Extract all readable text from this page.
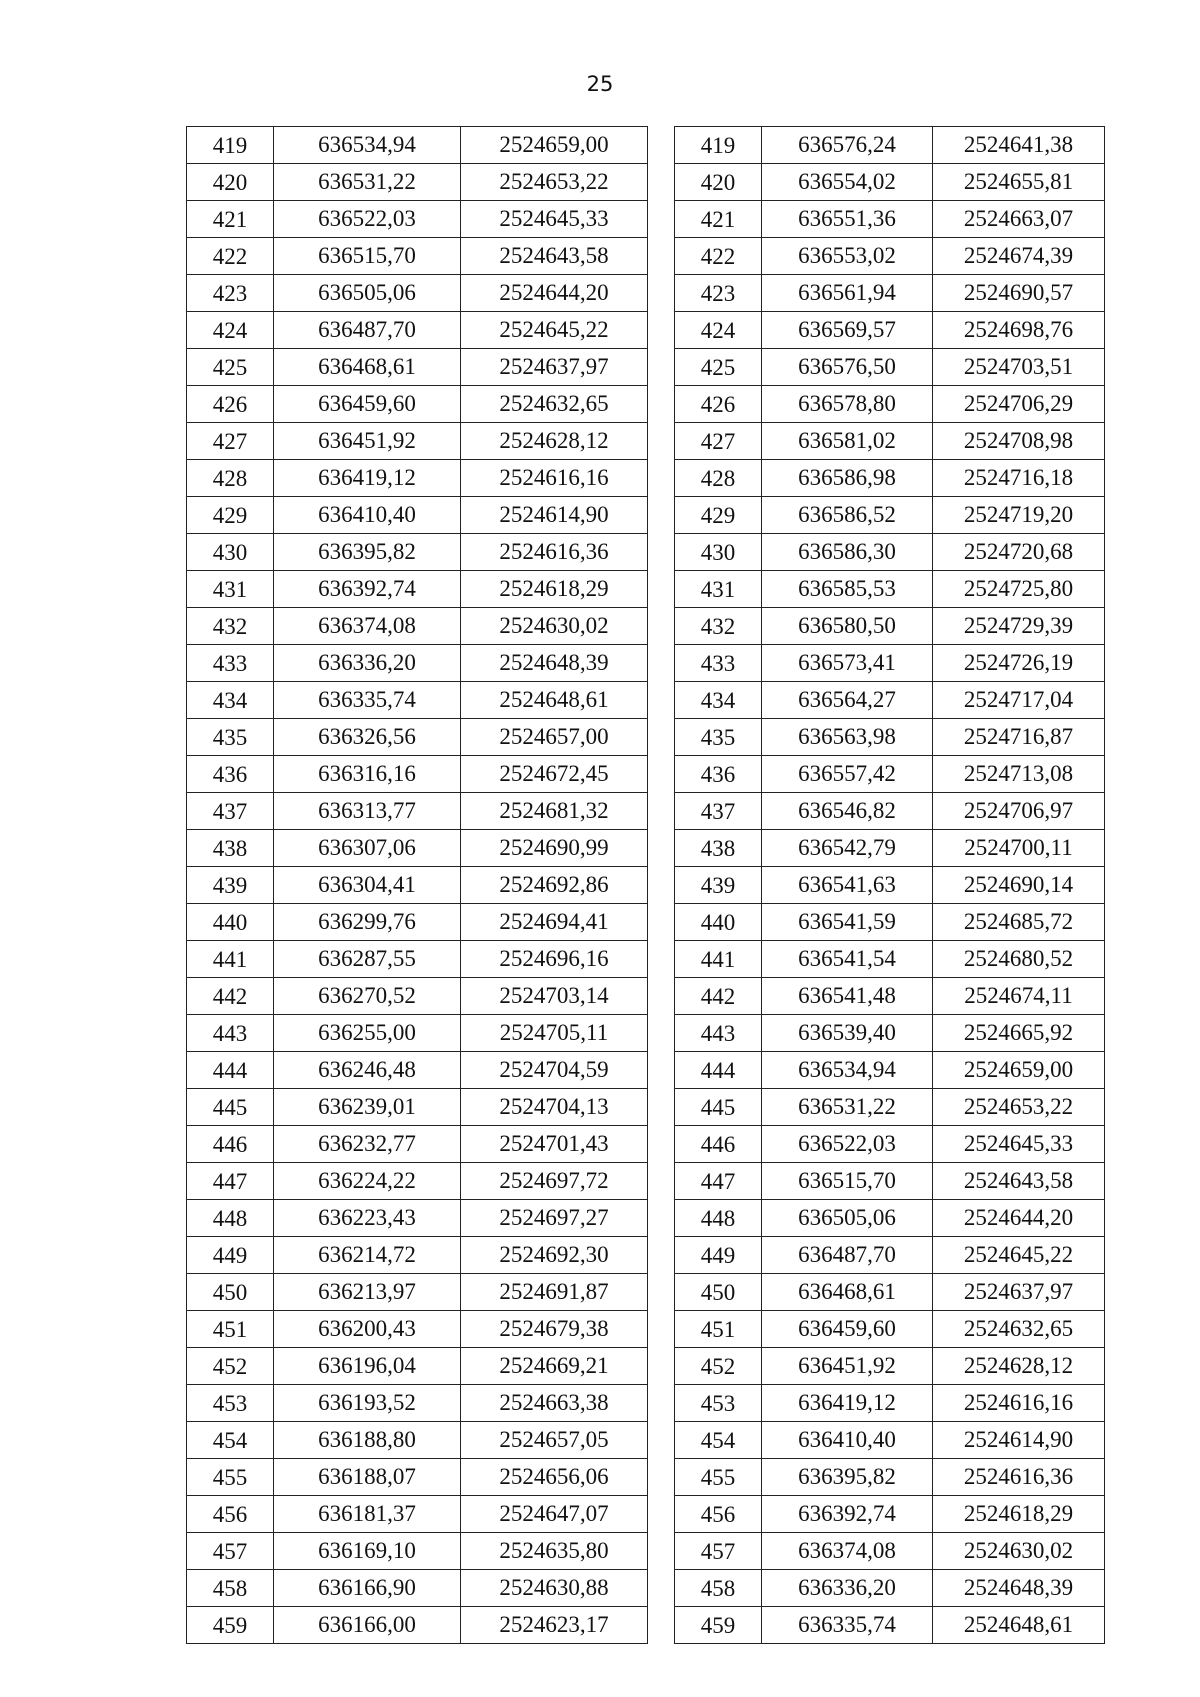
25
419	636534,94	2524659,00
420	636531,22	2524653,22
421	636522,03	2524645,33
422	636515,70	2524643,58
423	636505,06	2524644,20
424	636487,70	2524645,22
425	636468,61	2524637,97
426	636459,60	2524632,65
427	636451,92	2524628,12
428	636419,12	2524616,16
429	636410,40	2524614,90
430	636395,82	2524616,36
431	636392,74	2524618,29
432	636374,08	2524630,02
433	636336,20	2524648,39
434	636335,74	2524648,61
435	636326,56	2524657,00
436	636316,16	2524672,45
437	636313,77	2524681,32
438	636307,06	2524690,99
439	636304,41	2524692,86
440	636299,76	2524694,41
441	636287,55	2524696,16
442	636270,52	2524703,14
443	636255,00	2524705,11
444	636246,48	2524704,59
445	636239,01	2524704,13
446	636232,77	2524701,43
447	636224,22	2524697,72
448	636223,43	2524697,27
449	636214,72	2524692,30
450	636213,97	2524691,87
451	636200,43	2524679,38
452	636196,04	2524669,21
453	636193,52	2524663,38
454	636188,80	2524657,05
455	636188,07	2524656,06
456	636181,37	2524647,07
457	636169,10	2524635,80
458	636166,90	2524630,88
459	636166,00	2524623,17
419	636576,24	2524641,38
420	636554,02	2524655,81
421	636551,36	2524663,07
422	636553,02	2524674,39
423	636561,94	2524690,57
424	636569,57	2524698,76
425	636576,50	2524703,51
426	636578,80	2524706,29
427	636581,02	2524708,98
428	636586,98	2524716,18
429	636586,52	2524719,20
430	636586,30	2524720,68
431	636585,53	2524725,80
432	636580,50	2524729,39
433	636573,41	2524726,19
434	636564,27	2524717,04
435	636563,98	2524716,87
436	636557,42	2524713,08
437	636546,82	2524706,97
438	636542,79	2524700,11
439	636541,63	2524690,14
440	636541,59	2524685,72
441	636541,54	2524680,52
442	636541,48	2524674,11
443	636539,40	2524665,92
444	636534,94	2524659,00
445	636531,22	2524653,22
446	636522,03	2524645,33
447	636515,70	2524643,58
448	636505,06	2524644,20
449	636487,70	2524645,22
450	636468,61	2524637,97
451	636459,60	2524632,65
452	636451,92	2524628,12
453	636419,12	2524616,16
454	636410,40	2524614,90
455	636395,82	2524616,36
456	636392,74	2524618,29
457	636374,08	2524630,02
458	636336,20	2524648,39
459	636335,74	2524648,61
